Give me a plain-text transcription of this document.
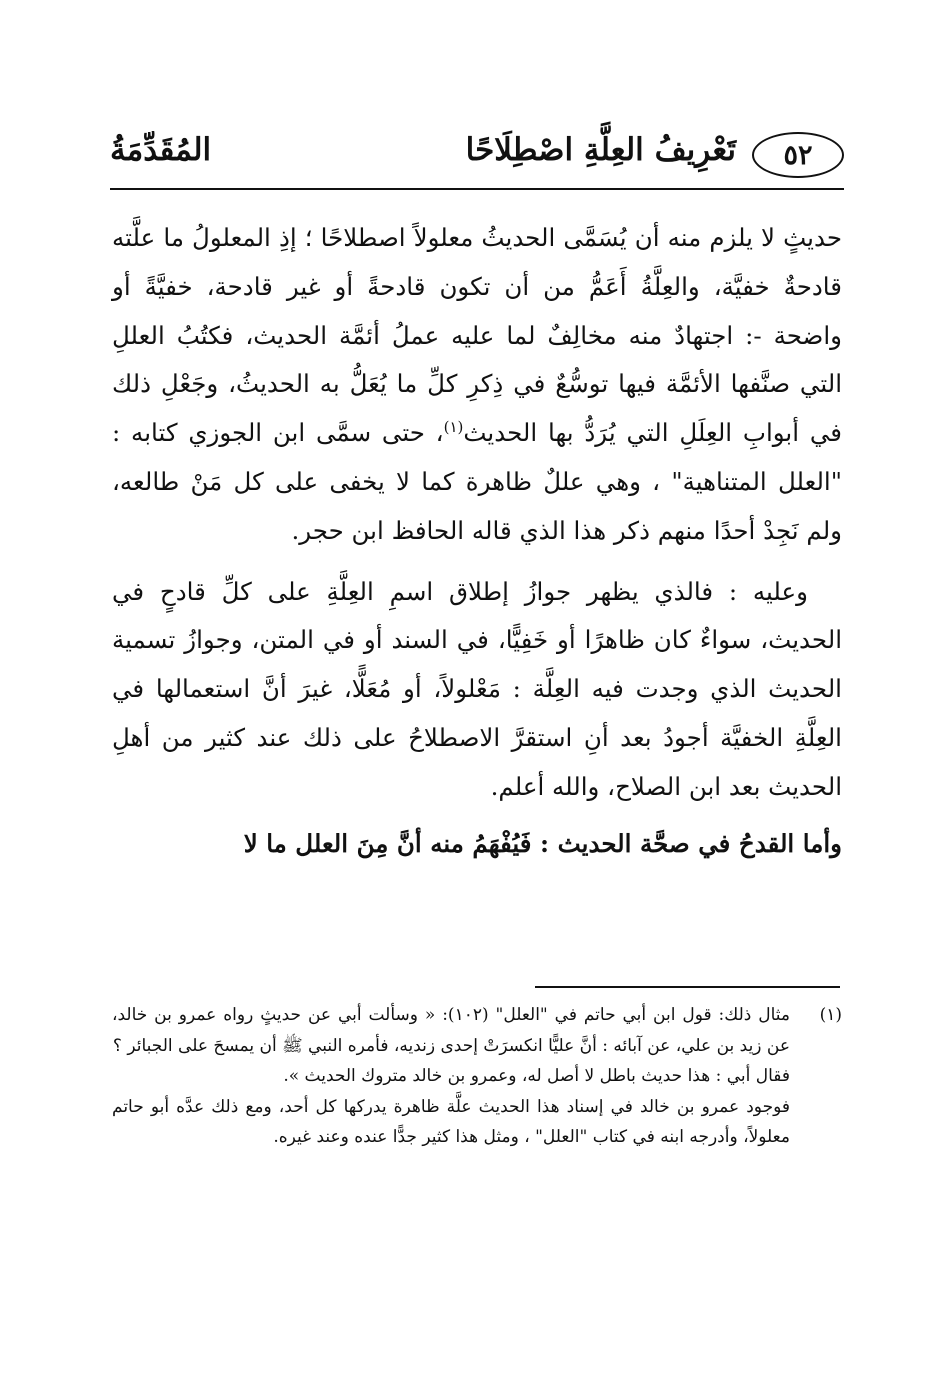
٥٢
تَعْرِيفُ العِلَّةِ اصْطِلَاحًا
المُقَدِّمَةُ

حديثٍ لا يلزم منه أن يُسَمَّى الحديثُ معلولاً اصطلاحًا ؛ إذِ المعلولُ ما علَّته قادحةٌ خفيَّة، والعِلَّةُ أَعَمُّ من أن تكون قادحةً أو غير قادحة، خفيَّةً أو واضحة -: اجتهادٌ منه مخالِفٌ لما عليه عملُ أئمَّة الحديث، فكتُبُ العللِ التي صنَّفها الأئمَّة فيها توسُّعٌ في ذِكرِ كلِّ ما يُعَلُّ به الحديثُ، وجَعْلِ ذلك في أبوابِ العِلَلِ التي يُرَدُّ بها الحديث$^{(١)}$، حتى سمَّى ابن الجوزي كتابه : "العلل المتناهية" ، وهي عللٌ ظاهرة كما لا يخفى على كل مَنْ طالعه، ولم نَجِدْ أحدًا منهم ذكر هذا الذي قاله الحافظ ابن حجر.

وعليه : فالذي يظهر جوازُ إطلاق اسمِ العِلَّةِ على كلِّ قادحٍ في الحديث، سواءٌ كان ظاهرًا أو خَفِيًّا، في السند أو في المتن، وجوازُ تسمية الحديث الذي وجدت فيه العِلَّة : مَعْلولاً، أو مُعَلًّا، غيرَ أنَّ استعمالها في العِلَّةِ الخفيَّة أجودُ بعد أنِ استقرَّ الاصطلاحُ على ذلك عند كثير من أهلِ الحديث بعد ابن الصلاح، والله أعلم.

وأما القدحُ في صحَّة الحديث : فَيُفْهَمُ منه أنَّ مِنَ العلل ما لا

(١)

مثال ذلك: قول ابن أبي حاتم في "العلل" (١٠٢): « وسألت أبي عن حديثٍ رواه عمرو بن خالد، عن زيد بن علي، عن آبائه : أنَّ عليًّا انكسرَتْ إحدى زنديه، فأمره النبي ﷺ أن يمسحَ على الجبائر ؟

فقال أبي : هذا حديث باطل لا أصل له، وعمرو بن خالد متروك الحديث ».

فوجود عمرو بن خالد في إسناد هذا الحديث علَّة ظاهرة يدركها كل أحد، ومع ذلك عدَّه أبو حاتم معلولاً، وأدرجه ابنه في كتاب "العلل" ، ومثل هذا كثير جدًّا عنده وعند غيره.
